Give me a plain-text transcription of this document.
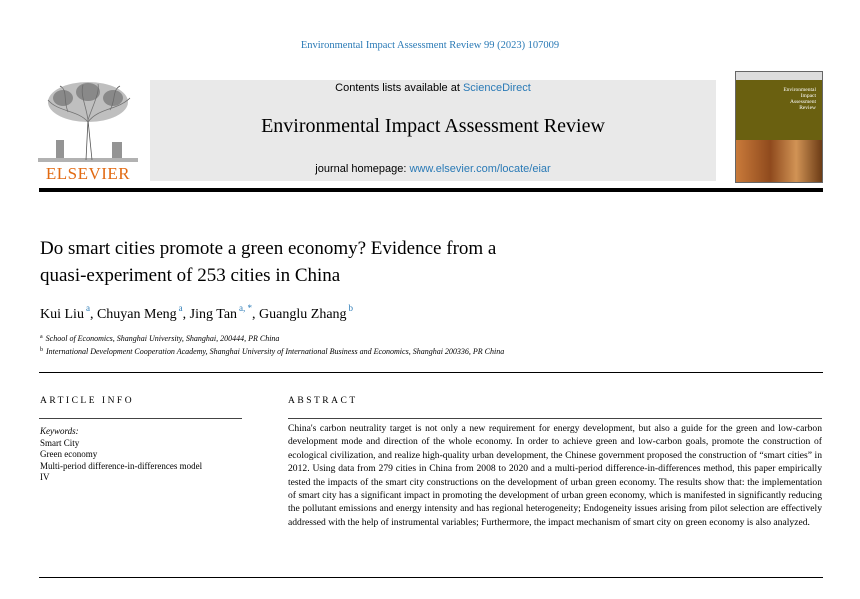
Environmental Impact Assessment Review 99 (2023) 107009
ELSEVIER
Contents lists available at ScienceDirect
Environmental Impact Assessment Review
journal homepage: www.elsevier.com/locate/eiar
Environmental
Impact
Assessment
Review
Do smart cities promote a green economy? Evidence from a
quasi-experiment of 253 cities in China
Kui Liu $^a$, Chuyan Meng $^a$, Jing Tan $^{a, *}$, Guanglu Zhang $^b$
$^a$ School of Economics, Shanghai University, Shanghai, 200444, PR China
$^b$ International Development Cooperation Academy, Shanghai University of International Business and Economics, Shanghai 200336, PR China
ARTICLE INFO	ABSTRACT
Keywords:
Smart City
Green economy
Multi-period difference-in-differences model
IV
China's carbon neutrality target is not only a new requirement for energy development, but also a guide for the green and low-carbon development mode and direction of the whole economy. In order to achieve green and low-carbon goals, promote the construction of ecological civilization, and realize high-quality urban development, the Chinese government proposed the construction of “smart cities” in 2012. Using data from 279 cities in China from 2008 to 2020 and a multi-period difference-in-differences method, this paper empirically tested the impacts of the smart city constructions on the development of urban green economy. The results show that: the implementation of smart city has a significant impact in promoting the development of urban green economy, which is manifested in significantly reducing the pollutant emissions and energy intensity and has regional heterogeneity; Endogeneity issues arising from pilot selection are effectively addressed with the help of instrumental variables; Furthermore, the impact mechanism of smart city on green economy is also analyzed.
